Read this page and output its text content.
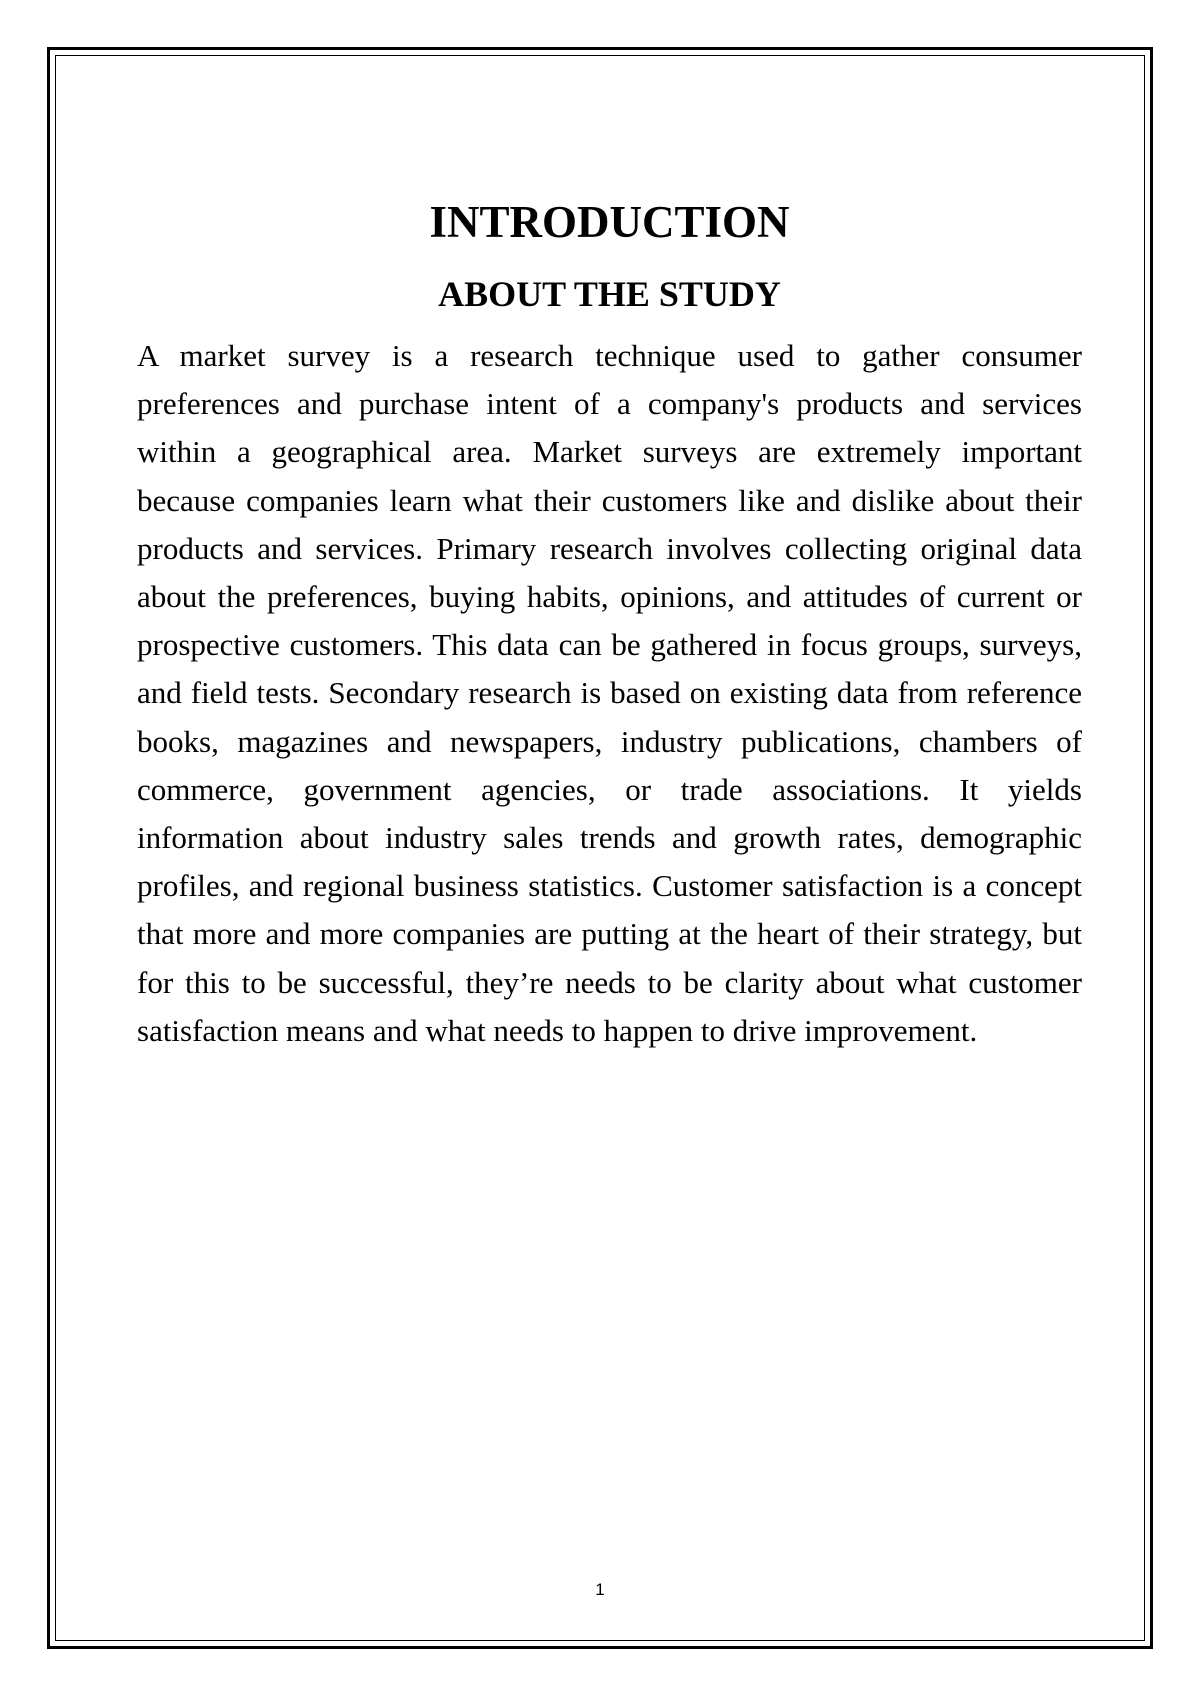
INTRODUCTION
ABOUT THE STUDY

A market survey is a research technique used to gather consumer preferences and purchase intent of a company's products and services within a geographical area. Market surveys are extremely important because companies learn what their customers like and dislike about their products and services. Primary research involves collecting original data about the preferences, buying habits, opinions, and attitudes of current or prospective customers. This data can be gathered in focus groups, surveys, and field tests. Secondary research is based on existing data from reference books, magazines and newspapers, industry publications, chambers of commerce, government agencies, or trade associations. It yields information about industry sales trends and growth rates, demographic profiles, and regional business statistics. Customer satisfaction is a concept that more and more companies are putting at the heart of their strategy, but for this to be successful, they’re needs to be clarity about what customer satisfaction means and what needs to happen to drive improvement.

1
